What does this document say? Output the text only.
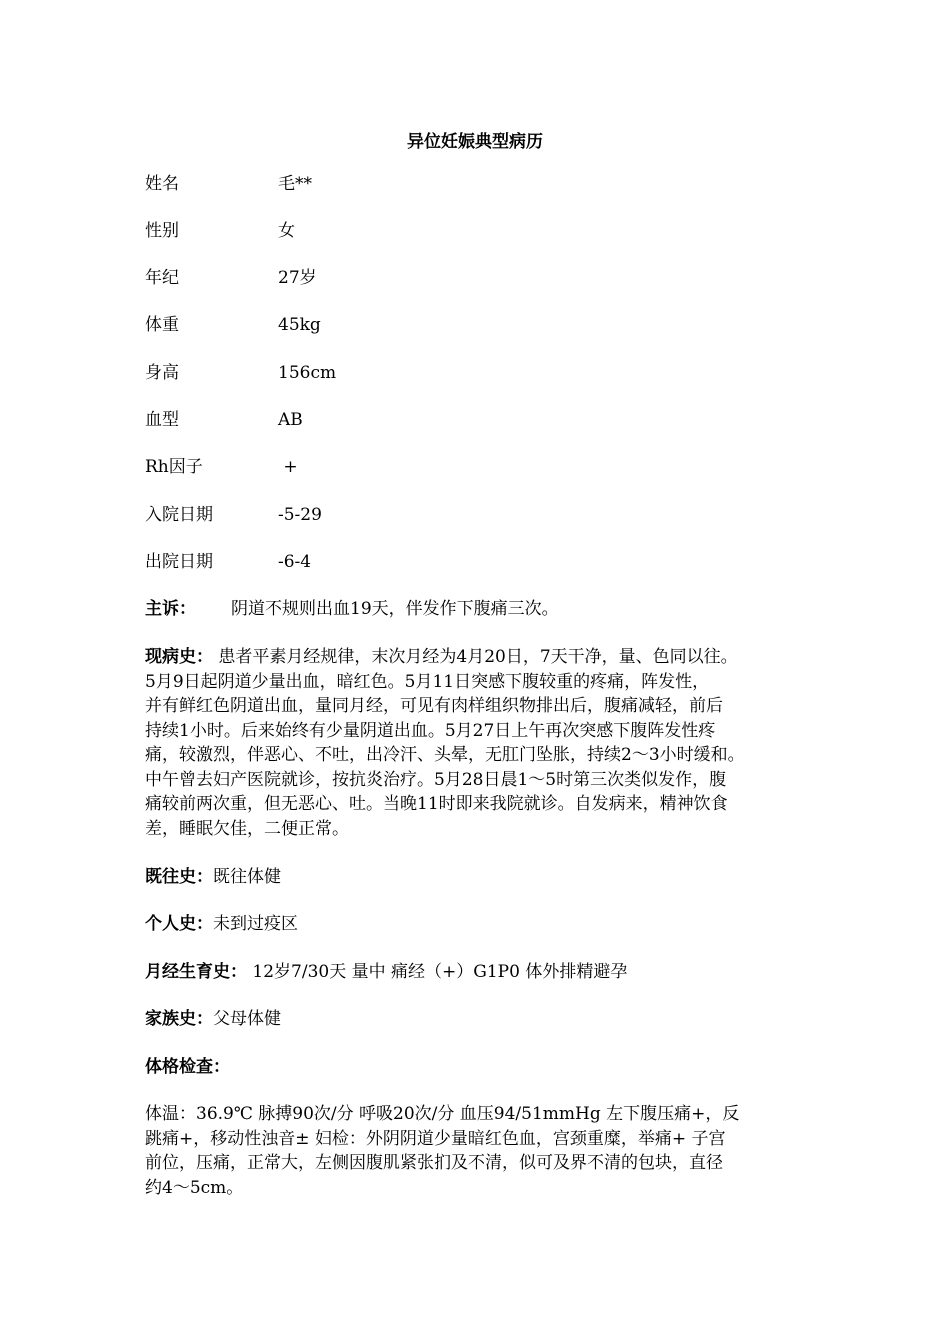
异位妊娠典型病历
姓名	毛**
性别	女
年纪	27岁
体重	45kg
身高	156cm
血型	AB
Rh因子	+
入院日期	-5-29
出院日期	-6-4
主诉： 阴道不规则出血19天，伴发作下腹痛三次。
现病史： 患者平素月经规律，末次月经为4月20日，7天干净，量、色同以往。
5月9日起阴道少量出血，暗红色。5月11日突感下腹较重的疼痛，阵发性，
并有鲜红色阴道出血，量同月经，可见有肉样组织物排出后，腹痛减轻，前后
持续1小时。后来始终有少量阴道出血。5月27日上午再次突感下腹阵发性疼
痛，较激烈，伴恶心、不吐，出冷汗、头晕，无肛门坠胀，持续2～3小时缓和。
中午曾去妇产医院就诊，按抗炎治疗。5月28日晨1～5时第三次类似发作，腹
痛较前两次重，但无恶心、吐。当晚11时即来我院就诊。自发病来，精神饮食
差，睡眠欠佳，二便正常。
既往史：既往体健
个人史：未到过疫区
月经生育史： 12岁7/30天 量中 痛经（+）G1P0 体外排精避孕
家族史：父母体健
体格检查：
体温：36.9℃ 脉搏90次/分 呼吸20次/分 血压94/51mmHg 左下腹压痛+，反
跳痛+，移动性浊音± 妇检：外阴阴道少量暗红色血，宫颈重糜，举痛+ 子宫
前位，压痛，正常大，左侧因腹肌紧张扪及不清，似可及界不清的包块，直径
约4～5cm。
